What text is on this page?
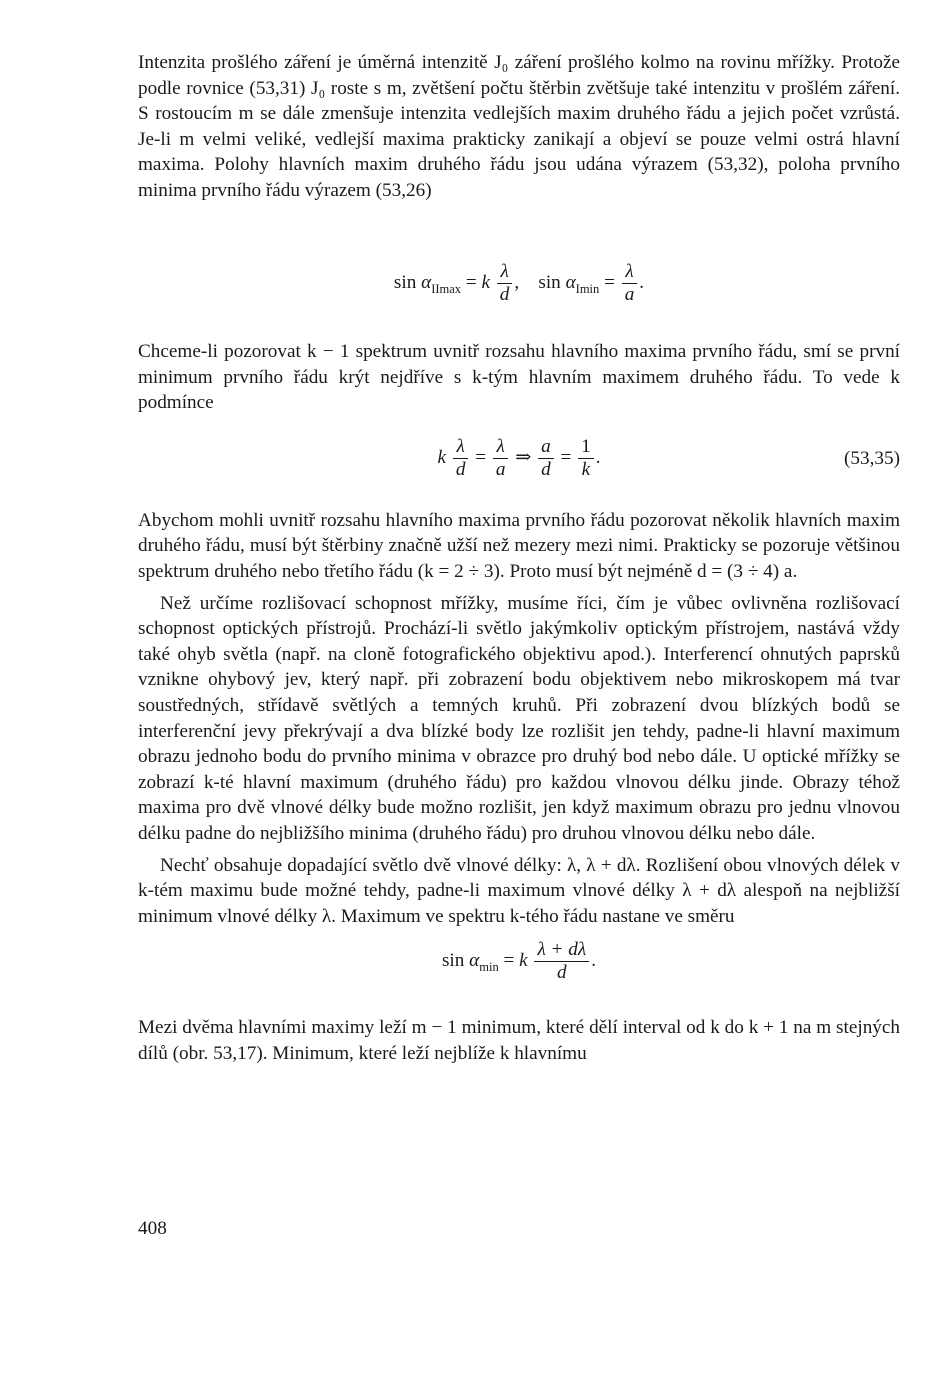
Intenzita prošlého záření je úměrná intenzitě J₀ záření prošlého kolmo na rovinu mřížky. Protože podle rovnice (53,31) J₀ roste s m, zvětšení počtu štěrbin zvětšuje také intenzitu v prošlém záření. S rostoucím m se dále zmenšuje intenzita vedlejších maxim druhého řádu a jejich počet vzrůstá. Je-li m velmi veliké, vedlejší maxima prakticky zanikají a objeví se pouze velmi ostrá hlavní maxima. Polohy hlavních maxim druhého řádu jsou udána výrazem (53,32), poloha prvního minima prvního řádu výrazem (53,26)

$\sin \alpha_{IImax} = k \frac{\lambda}{d}$ , $\sin \alpha_{Imin} = \frac{\lambda}{a}$ .

Chceme-li pozorovat k − 1 spektrum uvnitř rozsahu hlavního maxima prvního řádu, smí se první minimum prvního řádu krýt nejdříve s k-tým hlavním maximem druhého řádu. To vede k podmínce

k $\frac{\lambda}{d} = \frac{\lambda}{a}$ ⇒ $\frac{a}{d} = \frac{1}{k}$ .	(53,35)

Abychom mohli uvnitř rozsahu hlavního maxima prvního řádu pozorovat několik hlavních maxim druhého řádu, musí být štěrbiny značně užší než mezery mezi nimi. Prakticky se pozoruje většinou spektrum druhého nebo třetího řádu (k = 2 ÷ 3). Proto musí být nejméně d = (3 ÷ 4) a.

Než určíme rozlišovací schopnost mřížky, musíme říci, čím je vůbec ovlivněna rozlišovací schopnost optických přístrojů. Prochází-li světlo jakýmkoliv optickým přístrojem, nastává vždy také ohyb světla (např. na cloně fotografického objektivu apod.). Interferencí ohnutých paprsků vznikne ohybový jev, který např. při zobrazení bodu objektivem nebo mikroskopem má tvar soustředných, střídavě světlých a temných kruhů. Při zobrazení dvou blízkých bodů se interferenční jevy překrývají a dva blízké body lze rozlišit jen tehdy, padne-li hlavní maximum obrazu jednoho bodu do prvního minima v obrazce pro druhý bod nebo dále. U optické mřížky se zobrazí k-té hlavní maximum (druhého řádu) pro každou vlnovou délku jinde. Obrazy téhož maxima pro dvě vlnové délky bude možno rozlišit, jen když maximum obrazu pro jednu vlnovou délku padne do nejbližšího minima (druhého řádu) pro druhou vlnovou délku nebo dále.

Nechť obsahuje dopadající světlo dvě vlnové délky: λ, λ + dλ. Rozlišení obou vlnových délek v k-tém maximu bude možné tehdy, padne-li maximum vlnové délky λ + dλ alespoň na nejbližší minimum vlnové délky λ. Maximum ve spektru k-tého řádu nastane ve směru

$\sin \alpha_{min} = k \frac{\lambda + d\lambda}{d}$ .

Mezi dvěma hlavními maximy leží m − 1 minimum, které dělí interval od k do k + 1 na m stejných dílů (obr. 53,17). Minimum, které leží nejblíže k hlavnímu

408
